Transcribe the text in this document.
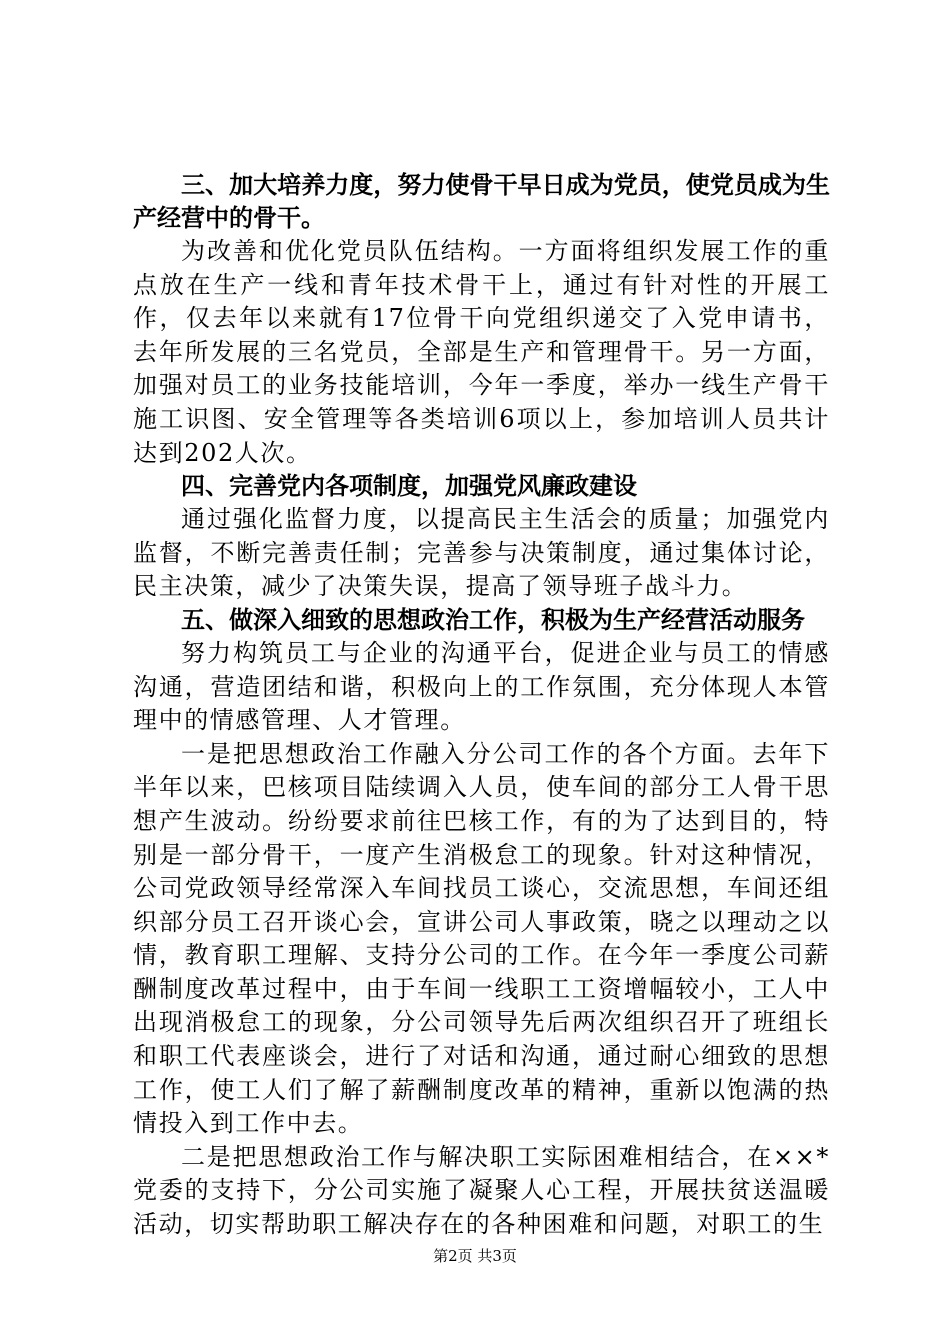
三、加大培养力度，努力使骨干早日成为党员，使党员成为生产经营中的骨干。

为改善和优化党员队伍结构。一方面将组织发展工作的重点放在生产一线和青年技术骨干上，通过有针对性的开展工作，仅去年以来就有17位骨干向党组织递交了入党申请书，去年所发展的三名党员，全部是生产和管理骨干。另一方面，加强对员工的业务技能培训，今年一季度，举办一线生产骨干施工识图、安全管理等各类培训6项以上，参加培训人员共计达到202人次。

四、完善党内各项制度，加强党风廉政建设

通过强化监督力度，以提高民主生活会的质量；加强党内监督，不断完善责任制；完善参与决策制度，通过集体讨论，民主决策，减少了决策失误，提高了领导班子战斗力。

五、做深入细致的思想政治工作，积极为生产经营活动服务

努力构筑员工与企业的沟通平台，促进企业与员工的情感沟通，营造团结和谐，积极向上的工作氛围，充分体现人本管理中的情感管理、人才管理。

一是把思想政治工作融入分公司工作的各个方面。去年下半年以来，巴核项目陆续调入人员，使车间的部分工人骨干思想产生波动。纷纷要求前往巴核工作，有的为了达到目的，特别是一部分骨干，一度产生消极怠工的现象。针对这种情况，公司党政领导经常深入车间找员工谈心，交流思想，车间还组织部分员工召开谈心会，宣讲公司人事政策，晓之以理动之以情，教育职工理解、支持分公司的工作。在今年一季度公司薪酬制度改革过程中，由于车间一线职工工资增幅较小，工人中出现消极怠工的现象，分公司领导先后两次组织召开了班组长和职工代表座谈会，进行了对话和沟通，通过耐心细致的思想工作，使工人们了解了薪酬制度改革的精神，重新以饱满的热情投入到工作中去。

二是把思想政治工作与解决职工实际困难相结合，在××*党委的支持下，分公司实施了凝聚人心工程，开展扶贫送温暖活动，切实帮助职工解决存在的各种困难和问题，对职工的生

第2页 共3页
